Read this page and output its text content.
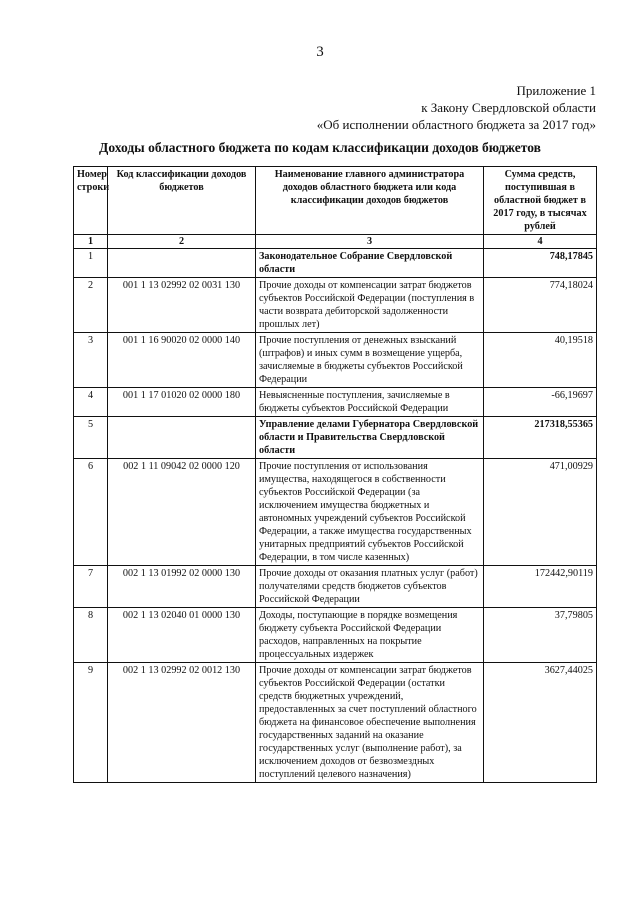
3
Приложение 1
к Закону Свердловской области
«Об исполнении областного бюджета за 2017 год»
Доходы областного бюджета по кодам классификации доходов бюджетов
Номер строки	Код классификации доходов бюджетов	Наименование главного администратора доходов областного бюджета или кода классификации доходов бюджетов	Сумма средств, поступившая в областной бюджет в 2017 году, в тысячах рублей
1	2	3	4
1		Законодательное Собрание Свердловской области	748,17845
2	001 1 13 02992 02 0031 130	Прочие доходы от компенсации затрат бюджетов субъектов Российской Федерации (поступления в части возврата дебиторской задолженности прошлых лет)	774,18024
3	001 1 16 90020 02 0000 140	Прочие поступления от денежных взысканий (штрафов) и иных сумм в возмещение ущерба, зачисляемые в бюджеты субъектов Российской Федерации	40,19518
4	001 1 17 01020 02 0000 180	Невыясненные поступления, зачисляемые в бюджеты субъектов Российской Федерации	-66,19697
5		Управление делами Губернатора Свердловской области и Правительства Свердловской области	217318,55365
6	002 1 11 09042 02 0000 120	Прочие поступления от использования имущества, находящегося в собственности субъектов Российской Федерации (за исключением имущества бюджетных и автономных учреждений субъектов Российской Федерации, а также имущества государственных унитарных предприятий субъектов Российской Федерации, в том числе казенных)	471,00929
7	002 1 13 01992 02 0000 130	Прочие доходы от оказания платных услуг (работ) получателями средств бюджетов субъектов Российской Федерации	172442,90119
8	002 1 13 02040 01 0000 130	Доходы, поступающие в порядке возмещения бюджету субъекта Российской Федерации расходов, направленных на покрытие процессуальных издержек	37,79805
9	002 1 13 02992 02 0012 130	Прочие доходы от компенсации затрат бюджетов субъектов Российской Федерации (остатки средств бюджетных учреждений, предоставленных за счет поступлений областного бюджета на финансовое обеспечение выполнения государственных заданий на оказание государственных услуг (выполнение работ), за исключением доходов от безвозмездных поступлений целевого назначения)	3627,44025
